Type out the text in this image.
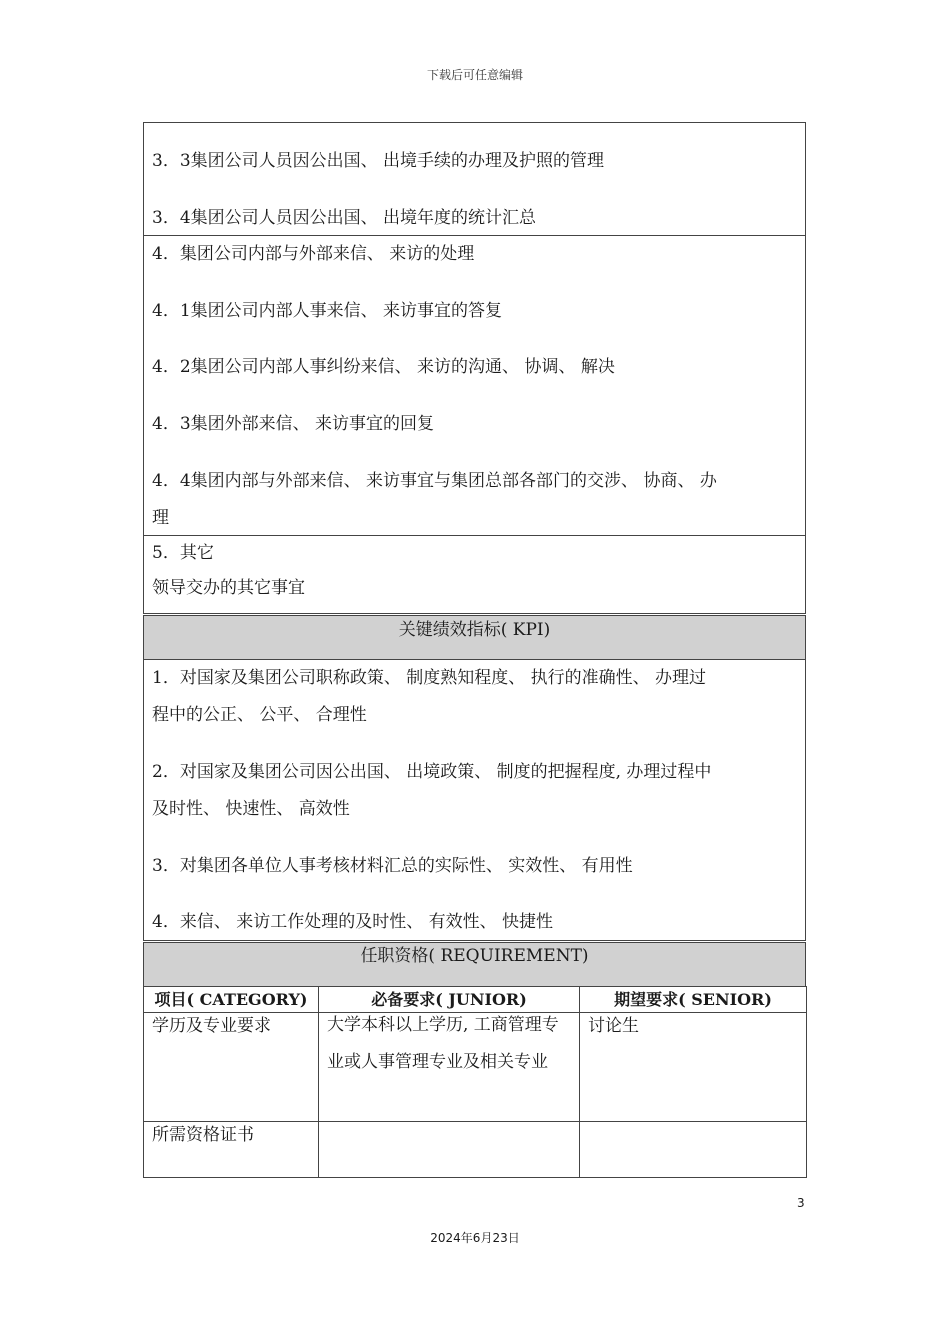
下载后可任意编辑
3．3集团公司人员因公出国、 出境手续的办理及护照的管理
3．4集团公司人员因公出国、 出境年度的统计汇总
4．集团公司内部与外部来信、 来访的处理
4．1集团公司内部人事来信、 来访事宜的答复
4．2集团公司内部人事纠纷来信、 来访的沟通、 协调、 解决
4．3集团外部来信、 来访事宜的回复
4．4集团内部与外部来信、 来访事宜与集团总部各部门的交涉、 协商、 办
理
5．其它
领导交办的其它事宜
关键绩效指标( KPI)
1．对国家及集团公司职称政策、 制度熟知程度、 执行的准确性、 办理过
程中的公正、 公平、 合理性
2．对国家及集团公司因公出国、 出境政策、 制度的把握程度, 办理过程中
及时性、 快速性、 高效性
3．对集团各单位人事考核材料汇总的实际性、 实效性、 有用性
4．来信、 来访工作处理的及时性、 有效性、 快捷性
任职资格( REQUIREMENT)
项目( CATEGORY)	必备要求( JUNIOR)	期望要求( SENIOR)

学历及专业要求	大学本科以上学历, 工商管理专业或人事管理专业及相关专业	讨论生

所需资格证书		

3
2024年6月23日
